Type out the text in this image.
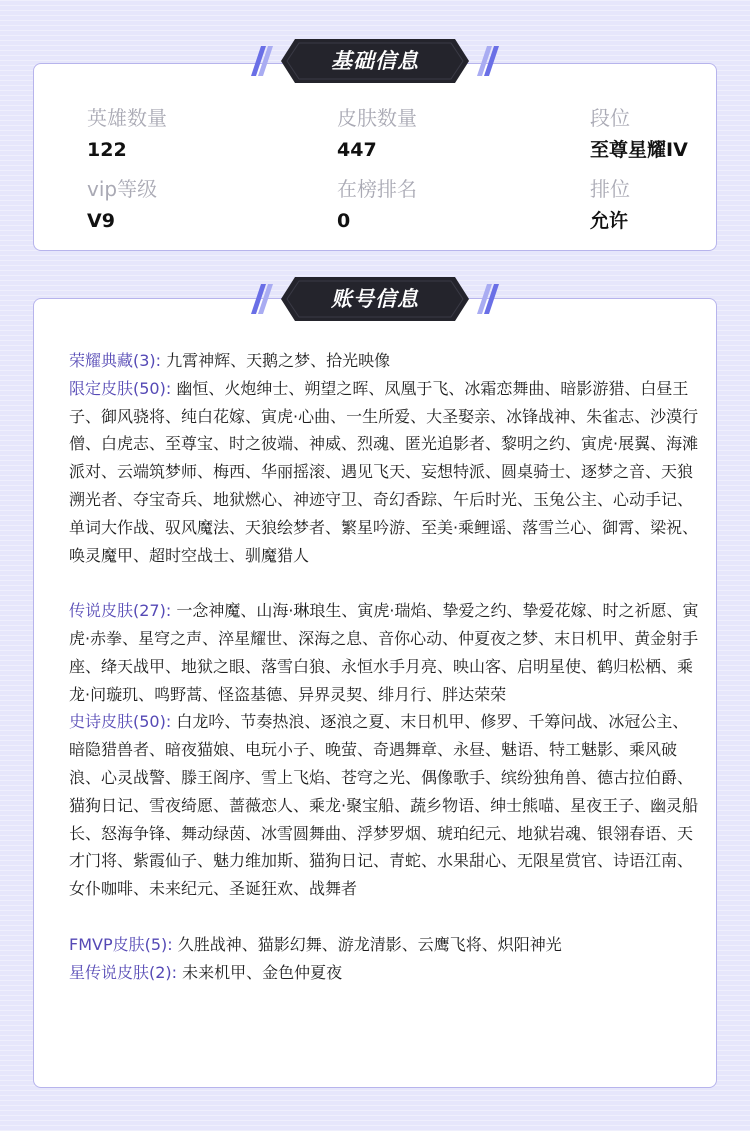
英雄数量
122
皮肤数量
447
段位
至尊星耀IV
vip等级
V9
在榜排名
0
排位
允许
基础信息

荣耀典藏(3): 九霄神辉、天鹅之梦、拾光映像

限定皮肤(50): 幽恒、火炮绅士、朔望之晖、凤凰于飞、冰霜恋舞曲、暗影游猎、白昼王子、御风骁将、纯白花嫁、寅虎·心曲、一生所爱、大圣娶亲、冰锋战神、朱雀志、沙漠行僧、白虎志、至尊宝、时之彼端、神威、烈魂、匿光追影者、黎明之约、寅虎·展翼、海滩派对、云端筑梦师、梅西、华丽摇滚、遇见飞天、妄想特派、圆桌骑士、逐梦之音、天狼溯光者、夺宝奇兵、地狱燃心、神迹守卫、奇幻香踪、午后时光、玉兔公主、心动手记、单词大作战、驭风魔法、天狼绘梦者、繁星吟游、至美·乘鲤谣、落雪兰心、御霄、梁祝、唤灵魔甲、超时空战士、驯魔猎人

传说皮肤(27): 一念神魔、山海·琳琅生、寅虎·瑞焰、挚爱之约、挚爱花嫁、时之祈愿、寅虎·赤拳、星穹之声、淬星耀世、深海之息、音你心动、仲夏夜之梦、末日机甲、黄金射手座、绛天战甲、地狱之眼、落雪白狼、永恒水手月亮、映山客、启明星使、鹤归松栖、乘龙·问璇玑、鸣野蒿、怪盗基德、异界灵契、绯月行、胖达荣荣

史诗皮肤(50): 白龙吟、节奏热浪、逐浪之夏、末日机甲、修罗、千筹问战、冰冠公主、暗隐猎兽者、暗夜猫娘、电玩小子、晚萤、奇遇舞章、永昼、魅语、特工魅影、乘风破浪、心灵战警、滕王阁序、雪上飞焰、苍穹之光、偶像歌手、缤纷独角兽、德古拉伯爵、猫狗日记、雪夜绮愿、蔷薇恋人、乘龙·聚宝船、蔬乡物语、绅士熊喵、星夜王子、幽灵船长、怒海争锋、舞动绿茵、冰雪圆舞曲、浮梦罗烟、琥珀纪元、地狱岩魂、银翎春语、天才门将、紫霞仙子、魅力维加斯、猫狗日记、青蛇、水果甜心、无限星赏官、诗语江南、女仆咖啡、未来纪元、圣诞狂欢、战舞者

FMVP皮肤(5): 久胜战神、猫影幻舞、游龙清影、云鹰飞将、炽阳神光

星传说皮肤(2): 未来机甲、金色仲夏夜

账号信息
